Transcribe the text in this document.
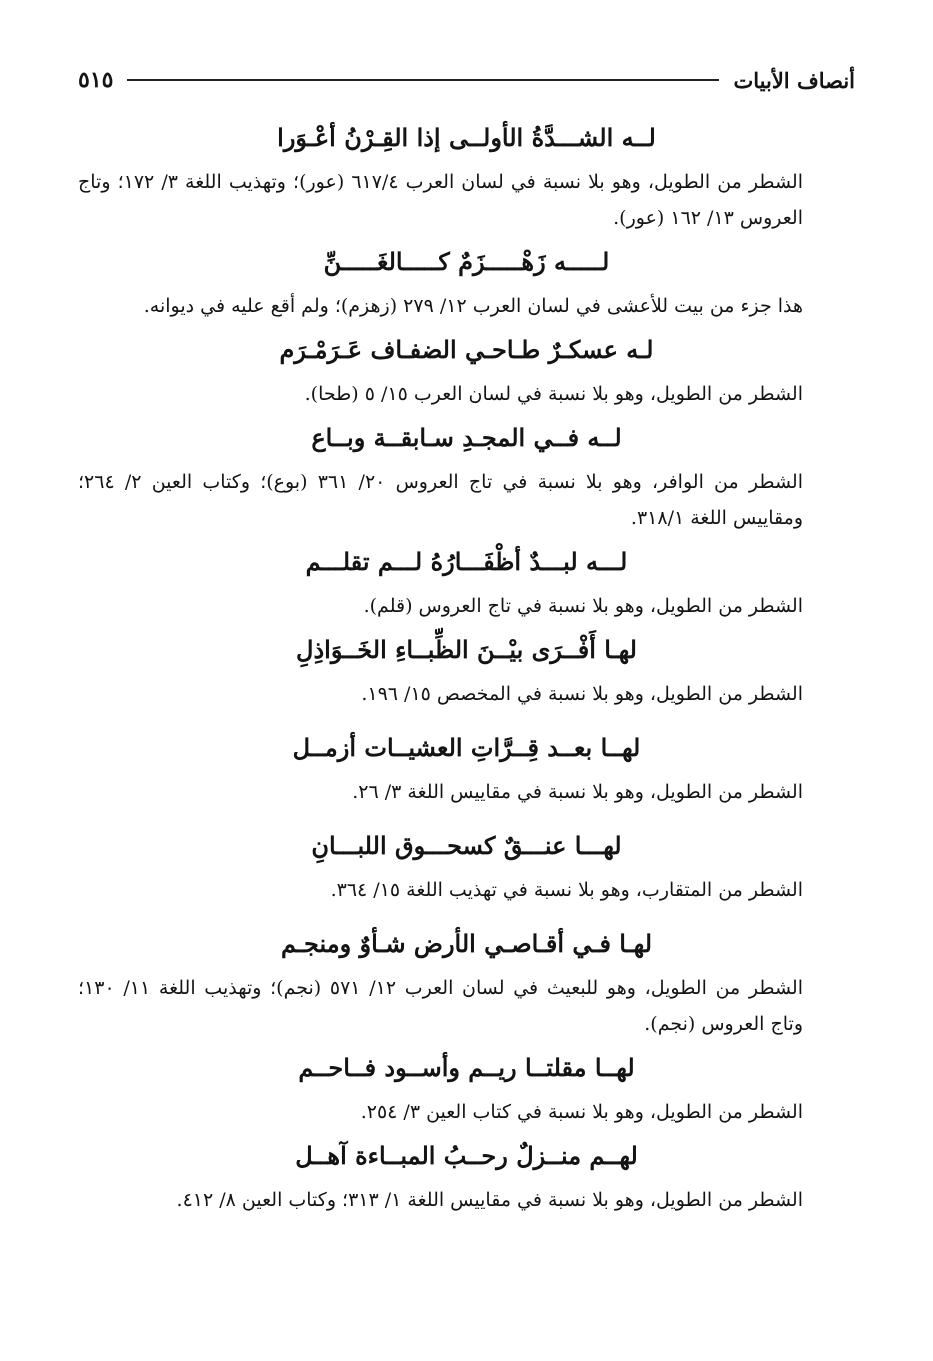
أنصاف الأبيات
٥١٥
لــه الشـــدَّةُ الأولــى إذا القِـرْنُ أعْـوَرا
الشطر من الطويل، وهو بلا نسبة في لسان العرب ٦١٧/٤ (عور)؛ وتهذيب اللغة ٣/ ١٧٢؛ وتاج العروس ١٣/ ١٦٢ (عور).
لـــــه زَهْـــــزَمٌ كـــــالغَـــــنِّ
هذا جزء من بيت للأعشى في لسان العرب ١٢/ ٢٧٩ (زهزم)؛ ولم أقع عليه في ديوانه.
لـه عسكـرٌ طـاحـي الضفـاف عَـرَمْـرَم
الشطر من الطويل، وهو بلا نسبة في لسان العرب ١٥/ ٥ (طحا).
لــه فــي المجـدِ سـابقــة وبــاع
الشطر من الوافر، وهو بلا نسبة في تاج العروس ٢٠/ ٣٦١ (بوع)؛ وكتاب العين ٢/ ٢٦٤؛ ومقاييس اللغة ٣١٨/١.
لـــه لبـــدٌ أظْفَـــارُهُ لـــم تقلـــم
الشطر من الطويل، وهو بلا نسبة في تاج العروس (قلم).
لهـا أَفْــرَى بيْــنَ الظِّبــاءِ الخَــوَاذِلِ
الشطر من الطويل، وهو بلا نسبة في المخصص ١٥/ ١٩٦.
لهــا بعــد قِــرَّاتِ العشيــات أزمــل
الشطر من الطويل، وهو بلا نسبة في مقاييس اللغة ٣/ ٢٦.
لهـــا عنـــقٌ كسحـــوق اللبـــانِ
الشطر من المتقارب، وهو بلا نسبة في تهذيب اللغة ١٥/ ٣٦٤.
لهـا فـي أقـاصـي الأرض شـأوٌ ومنجـم
الشطر من الطويل، وهو للبعيث في لسان العرب ١٢/ ٥٧١ (نجم)؛ وتهذيب اللغة ١١/ ١٣٠؛ وتاج العروس (نجم).
لهــا مقلتــا ريــم وأســود فــاحــم
الشطر من الطويل، وهو بلا نسبة في كتاب العين ٣/ ٢٥٤.
لهــم منــزلٌ رحــبُ المبــاءة آهــل
الشطر من الطويل، وهو بلا نسبة في مقاييس اللغة ١/ ٣١٣؛ وكتاب العين ٨/ ٤١٢.
